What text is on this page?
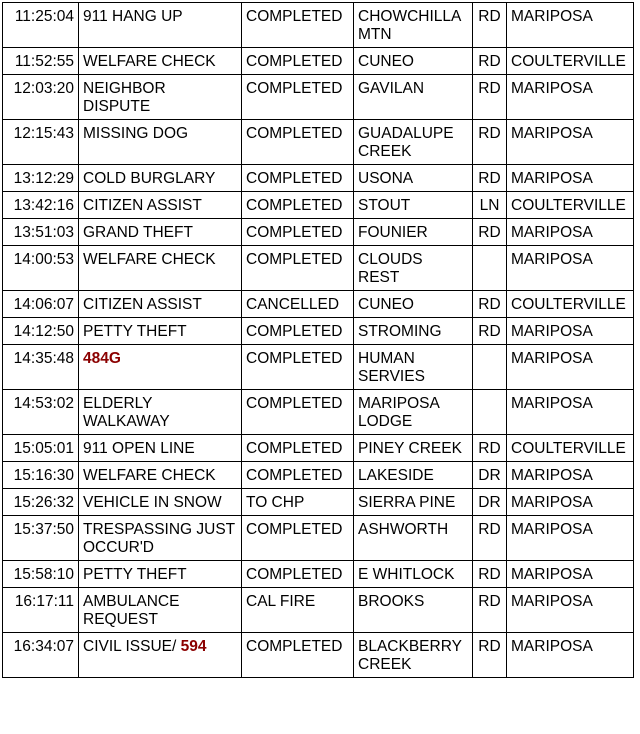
11:25:04	911 HANG UP	COMPLETED	CHOWCHILLA MTN	RD	MARIPOSA
11:52:55	WELFARE CHECK	COMPLETED	CUNEO	RD	COULTERVILLE
12:03:20	NEIGHBOR DISPUTE	COMPLETED	GAVILAN	RD	MARIPOSA
12:15:43	MISSING DOG	COMPLETED	GUADALUPE CREEK	RD	MARIPOSA
13:12:29	COLD BURGLARY	COMPLETED	USONA	RD	MARIPOSA
13:42:16	CITIZEN ASSIST	COMPLETED	STOUT	LN	COULTERVILLE
13:51:03	GRAND THEFT	COMPLETED	FOUNIER	RD	MARIPOSA
14:00:53	WELFARE CHECK	COMPLETED	CLOUDS REST		MARIPOSA
14:06:07	CITIZEN ASSIST	CANCELLED	CUNEO	RD	COULTERVILLE
14:12:50	PETTY THEFT	COMPLETED	STROMING	RD	MARIPOSA
14:35:48	484G	COMPLETED	HUMAN SERVIES		MARIPOSA
14:53:02	ELDERLY WALKAWAY	COMPLETED	MARIPOSA LODGE		MARIPOSA
15:05:01	911 OPEN LINE	COMPLETED	PINEY CREEK	RD	COULTERVILLE
15:16:30	WELFARE CHECK	COMPLETED	LAKESIDE	DR	MARIPOSA
15:26:32	VEHICLE IN SNOW	TO CHP	SIERRA PINE	DR	MARIPOSA
15:37:50	TRESPASSING JUST OCCUR'D	COMPLETED	ASHWORTH	RD	MARIPOSA
15:58:10	PETTY THEFT	COMPLETED	E WHITLOCK	RD	MARIPOSA
16:17:11	AMBULANCE REQUEST	CAL FIRE	BROOKS	RD	MARIPOSA
16:34:07	CIVIL ISSUE/ 594	COMPLETED	BLACKBERRY CREEK	RD	MARIPOSA
